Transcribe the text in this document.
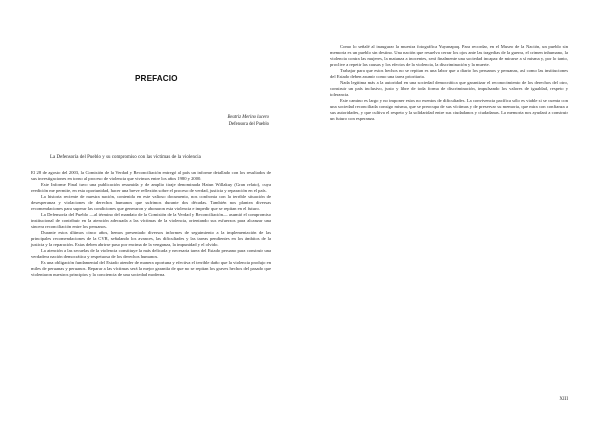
PREFACIO
Beatriz Merino lucero
Defensora del Pueblo
La Defensoría del Pueblo y su compromiso con las víctimas de la violencia

El 28 de agosto del 2003, la Comisión de la Verdad y Reconciliación entregó al país un informe detallado con los resultados de sus investigaciones en torno al proceso de violencia que vivimos entre los años 1980 y 2000.

Este Informe Final tuvo una publicación resumida y de amplio tiraje denominada Hatun Willakuy (Gran relato), cuya reedición me permite, en esta oportunidad, hacer una breve reflexión sobre el proceso de verdad, justicia y reparación en el país.

La historia reciente de nuestra nación, contenida en este valioso documento, nos confronta con la terrible situación de desesperanza y violaciones de derechos humanos que sufrimos durante dos décadas. También nos plantea diversas recomendaciones para superar las condiciones que generaron y abonaron esta violencia e impedir que se repitan en el futuro.

La Defensoría del Pueblo —al término del mandato de la Comisión de la Verdad y Reconciliación— asumió el compromiso institucional de contribuir en la atención adecuada a las víctimas de la violencia, orientando sus esfuerzos para alcanzar una sincera reconciliación entre los peruanos.

Durante estos últimos cinco años, hemos presentado diversos informes de seguimiento a la implementación de las principales recomendaciones de la CVR, señalando los avances, las dificultades y las tareas pendientes en los ámbitos de la justicia y la reparación. Estas deben abrirse paso por encima de la venganza, la impunidad y el olvido.

La atención a las secuelas de la violencia constituye la más delicada y necesaria tarea del Estado peruano para construir una verdadera nación democrática y respetuosa de los derechos humanos.

Es una obligación fundamental del Estado atender de manera oportuna y efectiva el terrible daño que la violencia produjo en miles de peruanas y peruanos. Reparar a las víctimas será la mejor garantía de que no se repitan los graves hechos del pasado que violentaron nuestros principios y la conciencia de una sociedad moderna.

Como lo señalé al inaugurar la muestra fotográfica Yuyanapaq. Para recordar, en el Museo de la Nación, un pueblo sin memoria es un pueblo sin destino. Una nación que resuelva cerrar los ojos ante las tragedias de la guerra, el crimen inhumano, la violencia contra las mujeres, la matanza a inocentes, será finalmente una sociedad incapaz de mirarse a sí misma y, por lo tanto, proclive a repetir las causas y los efectos de la violencia, la discriminación y la muerte.

Trabajar para que estos hechos no se repitan es una labor que a diario los peruanos y peruanas, así como las instituciones del Estado deben asumir como una tarea prioritaria.

Nada legitima más a la autoridad en una sociedad democrática que garantizar el reconocimiento de los derechos del otro, construir un país inclusivo, justo y libre de toda forma de discriminación, impulsando los valores de igualdad, respeto y tolerancia.

Este camino es largo y no imponer estos no exentos de dificultades. La convivencia pacífica sólo es viable si se cuenta con una sociedad reconciliada consigo misma, que se preocupa de sus víctimas y de preservar su memoria, que mira con confianza a sus autoridades, y que cultiva el respeto y la solidaridad entre sus ciudadanos y ciudadanas. La memoria nos ayudará a construir un futuro con esperanza.

XIII
